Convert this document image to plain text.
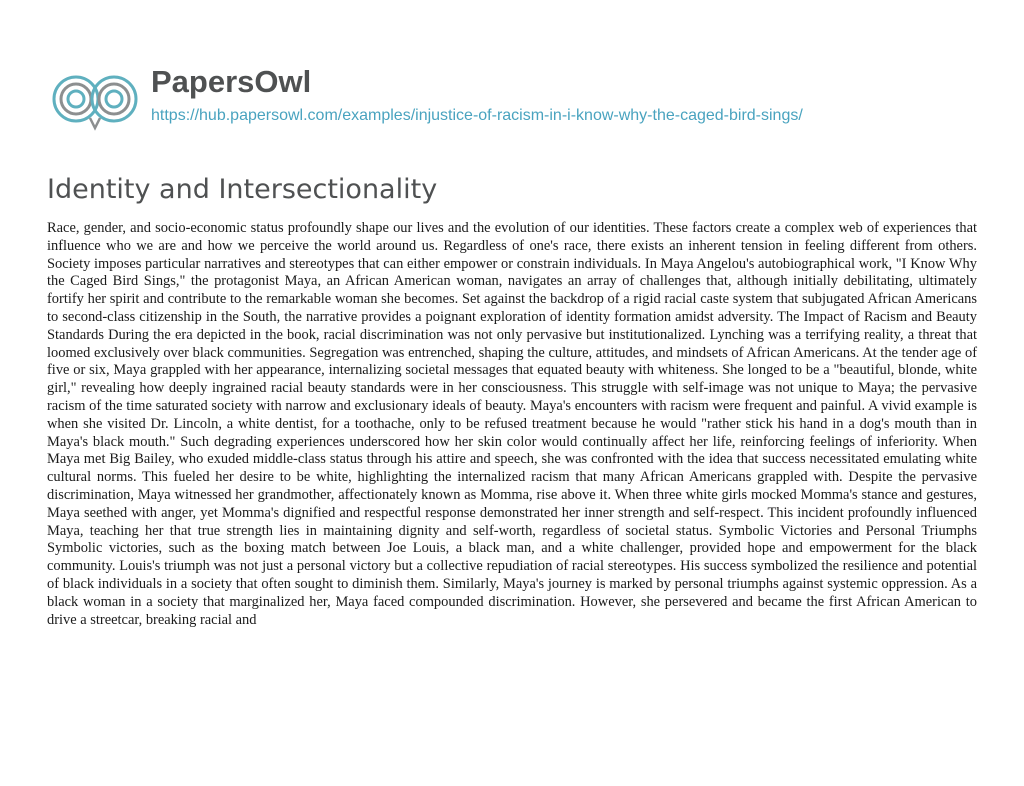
PapersOwl
https://hub.papersowl.com/examples/injustice-of-racism-in-i-know-why-the-caged-bird-sings/
Identity and Intersectionality

Race, gender, and socio-economic status profoundly shape our lives and the evolution of our identities. These factors create a complex web of experiences that influence who we are and how we perceive the world around us. Regardless of one's race, there exists an inherent tension in feeling different from others. Society imposes particular narratives and stereotypes that can either empower or constrain individuals. In Maya Angelou's autobiographical work, "I Know Why the Caged Bird Sings," the protagonist Maya, an African American woman, navigates an array of challenges that, although initially debilitating, ultimately fortify her spirit and contribute to the remarkable woman she becomes. Set against the backdrop of a rigid racial caste system that subjugated African Americans to second-class citizenship in the South, the narrative provides a poignant exploration of identity formation amidst adversity. The Impact of Racism and Beauty Standards During the era depicted in the book, racial discrimination was not only pervasive but institutionalized. Lynching was a terrifying reality, a threat that loomed exclusively over black communities. Segregation was entrenched, shaping the culture, attitudes, and mindsets of African Americans. At the tender age of five or six, Maya grappled with her appearance, internalizing societal messages that equated beauty with whiteness. She longed to be a "beautiful, blonde, white girl," revealing how deeply ingrained racial beauty standards were in her consciousness. This struggle with self-image was not unique to Maya; the pervasive racism of the time saturated society with narrow and exclusionary ideals of beauty. Maya's encounters with racism were frequent and painful. A vivid example is when she visited Dr. Lincoln, a white dentist, for a toothache, only to be refused treatment because he would "rather stick his hand in a dog's mouth than in Maya's black mouth." Such degrading experiences underscored how her skin color would continually affect her life, reinforcing feelings of inferiority. When Maya met Big Bailey, who exuded middle-class status through his attire and speech, she was confronted with the idea that success necessitated emulating white cultural norms. This fueled her desire to be white, highlighting the internalized racism that many African Americans grappled with. Despite the pervasive discrimination, Maya witnessed her grandmother, affectionately known as Momma, rise above it. When three white girls mocked Momma's stance and gestures, Maya seethed with anger, yet Momma's dignified and respectful response demonstrated her inner strength and self-respect. This incident profoundly influenced Maya, teaching her that true strength lies in maintaining dignity and self-worth, regardless of societal status. Symbolic Victories and Personal Triumphs Symbolic victories, such as the boxing match between Joe Louis, a black man, and a white challenger, provided hope and empowerment for the black community. Louis's triumph was not just a personal victory but a collective repudiation of racial stereotypes. His success symbolized the resilience and potential of black individuals in a society that often sought to diminish them. Similarly, Maya's journey is marked by personal triumphs against systemic oppression. As a black woman in a society that marginalized her, Maya faced compounded discrimination. However, she persevered and became the first African American to drive a streetcar, breaking racial and
